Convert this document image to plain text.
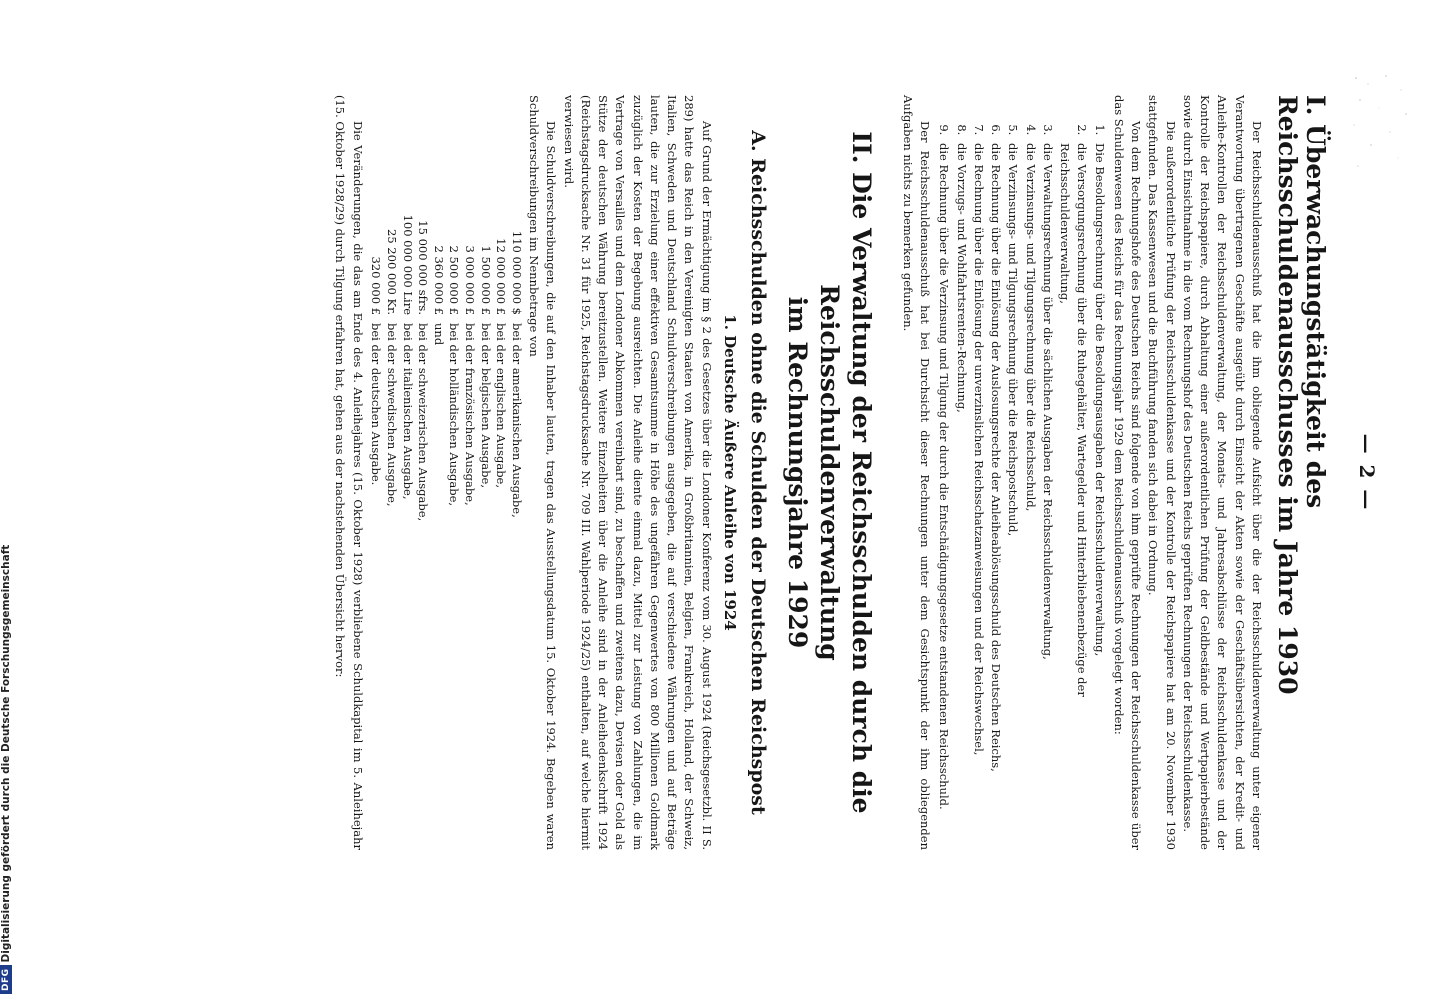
— 2 —
I. Überwachungstätigkeit des Reichsschuldenausschusses im Jahre 1930

Der Reichsschuldenausschuß hat die ihm obliegende Aufsicht über die der Reichsschuldenverwaltung unter eigener Verantwortung übertragenen Geschäfte ausgeübt durch Einsicht der Akten sowie der Geschäftsübersichten, der Kredit- und Anleihe-Kontrollen der Reichsschuldenverwaltung, der Monats- und Jahresabschlüsse der Reichsschuldenkasse und der Kontrolle der Reichspapiere, durch Abhaltung einer außerordentlichen Prüfung der Geldbestände und Wertpapierbestände sowie durch Einsichtnahme in die vom Rechnungshof des Deutschen Reichs geprüften Rechnungen der Reichsschuldenkasse.

Die außerordentliche Prüfung der Reichsschuldenkasse und der Kontrolle der Reichspapiere hat am 20. November 1930 stattgefunden. Das Kassenwesen und die Buchführung fanden sich dabei in Ordnung.

Von dem Rechnungshofe des Deutschen Reichs sind folgende von ihm geprüfte Rechnungen der Reichsschuldenkasse über das Schuldenwesen des Reichs für das Rechnungsjahr 1929 dem Reichsschuldenausschuß vorgelegt worden:

1. Die Besoldungsrechnung über die Besoldungsausgaben der Reichsschuldenverwaltung,
2. die Versorgungsrechnung über die Ruhegehälter, Wartegelder und Hinterbliebenenbezüge der Reichsschuldenverwaltung,
3. die Verwaltungsrechnung über die sächlichen Ausgaben der Reichsschuldenverwaltung,
4. die Verzinsungs- und Tilgungsrechnung über die Reichsschuld,
5. die Verzinsungs- und Tilgungsrechnung über die Reichspostschuld,
6. die Rechnung über die Einlösung der Auslosungsrechte der Anleiheablösungsschuld des Deutschen Reichs,
7. die Rechnung über die Einlösung der unverzinslichen Reichsschatzanweisungen und der Reichswechsel,
8. die Vorzugs- und Wohlfahrtsrenten-Rechnung,
9. die Rechnung über die Verzinsung und Tilgung der durch die Entschädigungsgesetze entstandenen Reichsschuld.

Der Reichsschuldenausschuß hat bei Durchsicht dieser Rechnungen unter dem Gesichtspunkt der ihm obliegenden Aufgaben nichts zu bemerken gefunden.

II. Die Verwaltung der Reichsschulden durch die Reichsschuldenverwaltung
im Rechnungsjahre 1929
A. Reichsschulden ohne die Schulden der Deutschen Reichspost
1. Deutsche Äußere Anleihe von 1924

Auf Grund der Ermächtigung im § 2 des Gesetzes über die Londoner Konferenz vom 30. August 1924 (Reichsgesetzbl. II S. 289) hatte das Reich in den Vereinigten Staaten von Amerika, in Großbritannien, Belgien, Frankreich, Holland, der Schweiz, Italien, Schweden und Deutschland Schuldverschreibungen ausgegeben, die auf verschiedene Währungen und auf Beträge lauten, die zur Erzielung einer effektiven Gesamtsumme in Höhe des ungefähren Gegenwertes von 800 Millionen Goldmark zuzüglich der Kosten der Begebung ausreichten. Die Anleihe diente einmal dazu, Mittel zur Leistung von Zahlungen, die im Vertrage von Versailles und dem Londoner Abkommen vereinbart sind, zu beschaffen und zweitens dazu, Devisen oder Gold als Stütze der deutschen Währung bereitzustellen. Weitere Einzelheiten über die Anleihe sind in der Anleihedenkschrift 1924 (Reichstagsdrucksache Nr. 31 für 1925, Reichstagsdrucksache Nr. 709 III. Wahlperiode 1924/25) enthalten, auf welche hiermit verwiesen wird.

Die Schuldverschreibungen, die auf den Inhaber lauten, tragen das Ausstellungsdatum 15. Oktober 1924. Begeben waren Schuldverschreibungen im Nennbetrage von

110 000 000 $
bei der amerikanischen Ausgabe,
12 000 000 £
bei der englischen Ausgabe,
1 500 000 £
bei der belgischen Ausgabe,
3 000 000 £
bei der französischen Ausgabe,
2 500 000 £
bei der holländischen Ausgabe,
2 360 000 £
und
15 000 000 sfrs.
bei der schweizerischen Ausgabe,
100 000 000 Lire
bei der italienischen Ausgabe,
25 200 000 Kr.
bei der schwedischen Ausgabe,
320 000 £
bei der deutschen Ausgabe.

Die Veränderungen, die das am Ende des 4. Anleihejahres (15. Oktober 1928) verbliebene Schuldkapital im 5. Anleihejahr (15. Oktober 1928/29) durch Tilgung erfahren hat, gehen aus der nachstehenden Übersicht hervor:

DFG
Digitalisierung gefördert durch die Deutsche Forschungsgemeinschaft
